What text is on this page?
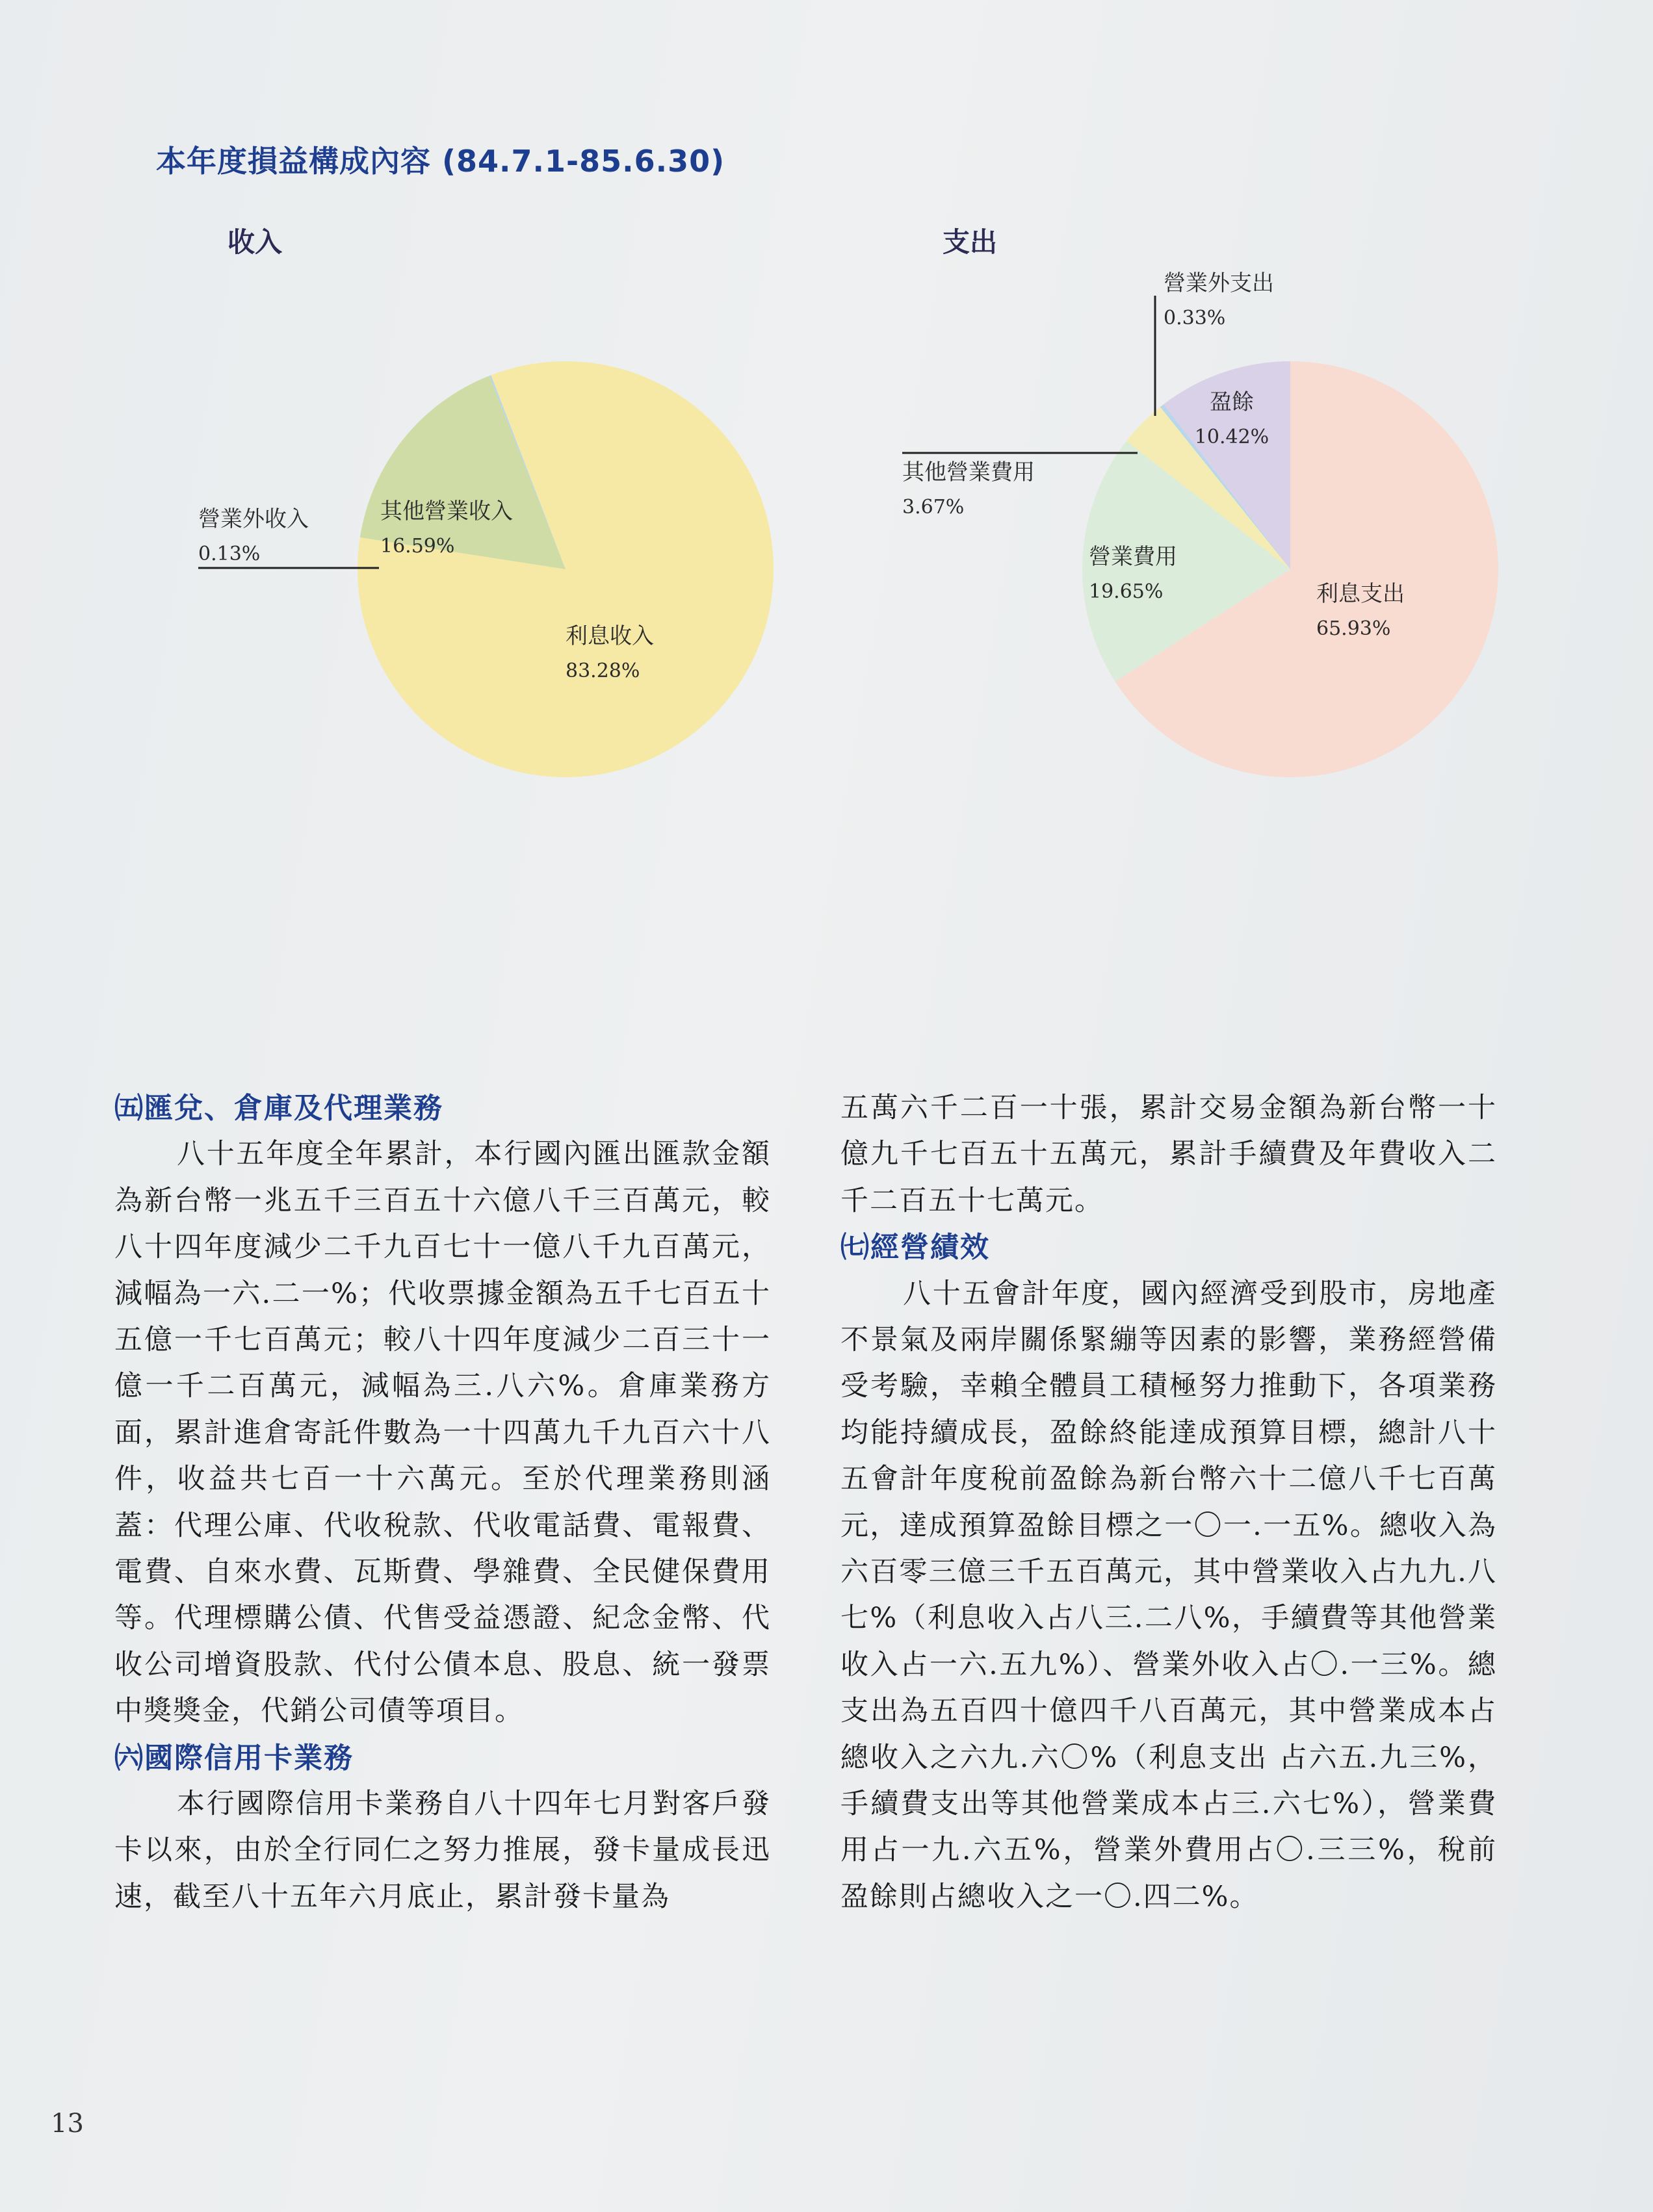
本年度損益構成內容 (84.7.1-85.6.30)
收入	支出
利息收入
83.28%
其他營業收入
16.59%
營業外收入
0.13%
利息支出
65.93%
營業費用
19.65%
其他營業費用
3.67%
營業外支出
0.33%
盈餘
10.42%
㈤匯兌、倉庫及代理業務

八十五年度全年累計，本行國內匯出匯款金額為新台幣一兆五千三百五十六億八千三百萬元，較八十四年度減少二千九百七十一億八千九百萬元，減幅為一六.二一%；代收票據金額為五千七百五十五億一千七百萬元；較八十四年度減少二百三十一億一千二百萬元，減幅為三.八六%。倉庫業務方面，累計進倉寄託件數為一十四萬九千九百六十八件，收益共七百一十六萬元。至於代理業務則涵蓋：代理公庫、代收稅款、代收電話費、電報費、電費、自來水費、瓦斯費、學雜費、全民健保費用等。代理標購公債、代售受益憑證、紀念金幣、代收公司增資股款、代付公債本息、股息、統一發票中獎獎金，代銷公司債等項目。

㈥國際信用卡業務

本行國際信用卡業務自八十四年七月對客戶發卡以來，由於全行同仁之努力推展，發卡量成長迅速，截至八十五年六月底止，累計發卡量為

五萬六千二百一十張，累計交易金額為新台幣一十億九千七百五十五萬元，累計手續費及年費收入二千二百五十七萬元。

㈦經營績效

八十五會計年度，國內經濟受到股市，房地產不景氣及兩岸關係緊繃等因素的影響，業務經營備受考驗，幸賴全體員工積極努力推動下，各項業務均能持續成長，盈餘終能達成預算目標，總計八十五會計年度稅前盈餘為新台幣六十二億八千七百萬元，達成預算盈餘目標之一〇一.一五%。總收入為六百零三億三千五百萬元，其中營業收入占九九.八七%（利息收入占八三.二八%，手續費等其他營業收入占一六.五九%）、營業外收入占〇.一三%。總支出為五百四十億四千八百萬元，其中營業成本占總收入之六九.六〇%（利息支出 占六五.九三%，手續費支出等其他營業成本占三.六七%），營業費用占一九.六五%，營業外費用占〇.三三%，稅前盈餘則占總收入之一〇.四二%。

13
